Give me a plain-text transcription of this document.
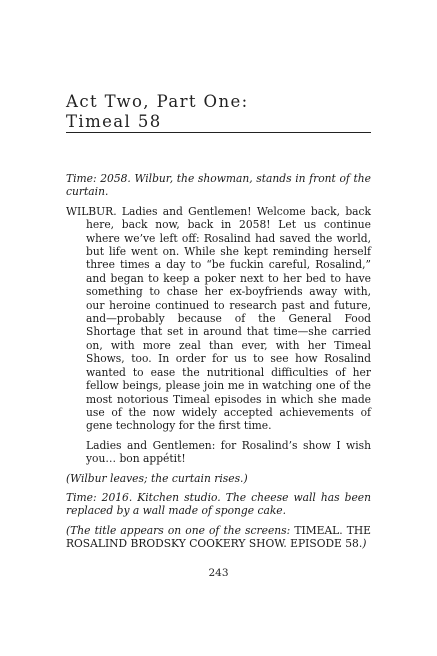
Act Two, Part One:
Timeal 58

Time: 2058. Wilbur, the showman, stands in front of the curtain.

WILBUR. Ladies and Gentlemen! Welcome back, back here, back now, back in 2058! Let us continue where we’ve left off: Rosalind had saved the world, but life went on. While she kept reminding herself three times a day to “be fuckin careful, Rosalind,” and began to keep a poker next to her bed to have something to chase her ex-boyfriends away with, our heroine continued to research past and future, and—probably because of the General Food Shortage that set in around that time—she carried on, with more zeal than ever, with her Timeal Shows, too. In order for us to see how Rosalind wanted to ease the nutritional difficulties of her fellow beings, please join me in watching one of the most notorious Timeal episodes in which she made use of the now widely accepted achievements of gene technology for the first time.

Ladies and Gentlemen: for Rosalind’s show I wish you… bon appétit!

(Wilbur leaves; the curtain rises.)

Time: 2016. Kitchen studio. The cheese wall has been replaced by a wall made of sponge cake.

(The title appears on one of the screens: TIMEAL. THE ROSALIND BRODSKY COOKERY SHOW. EPISODE 58.)

243
